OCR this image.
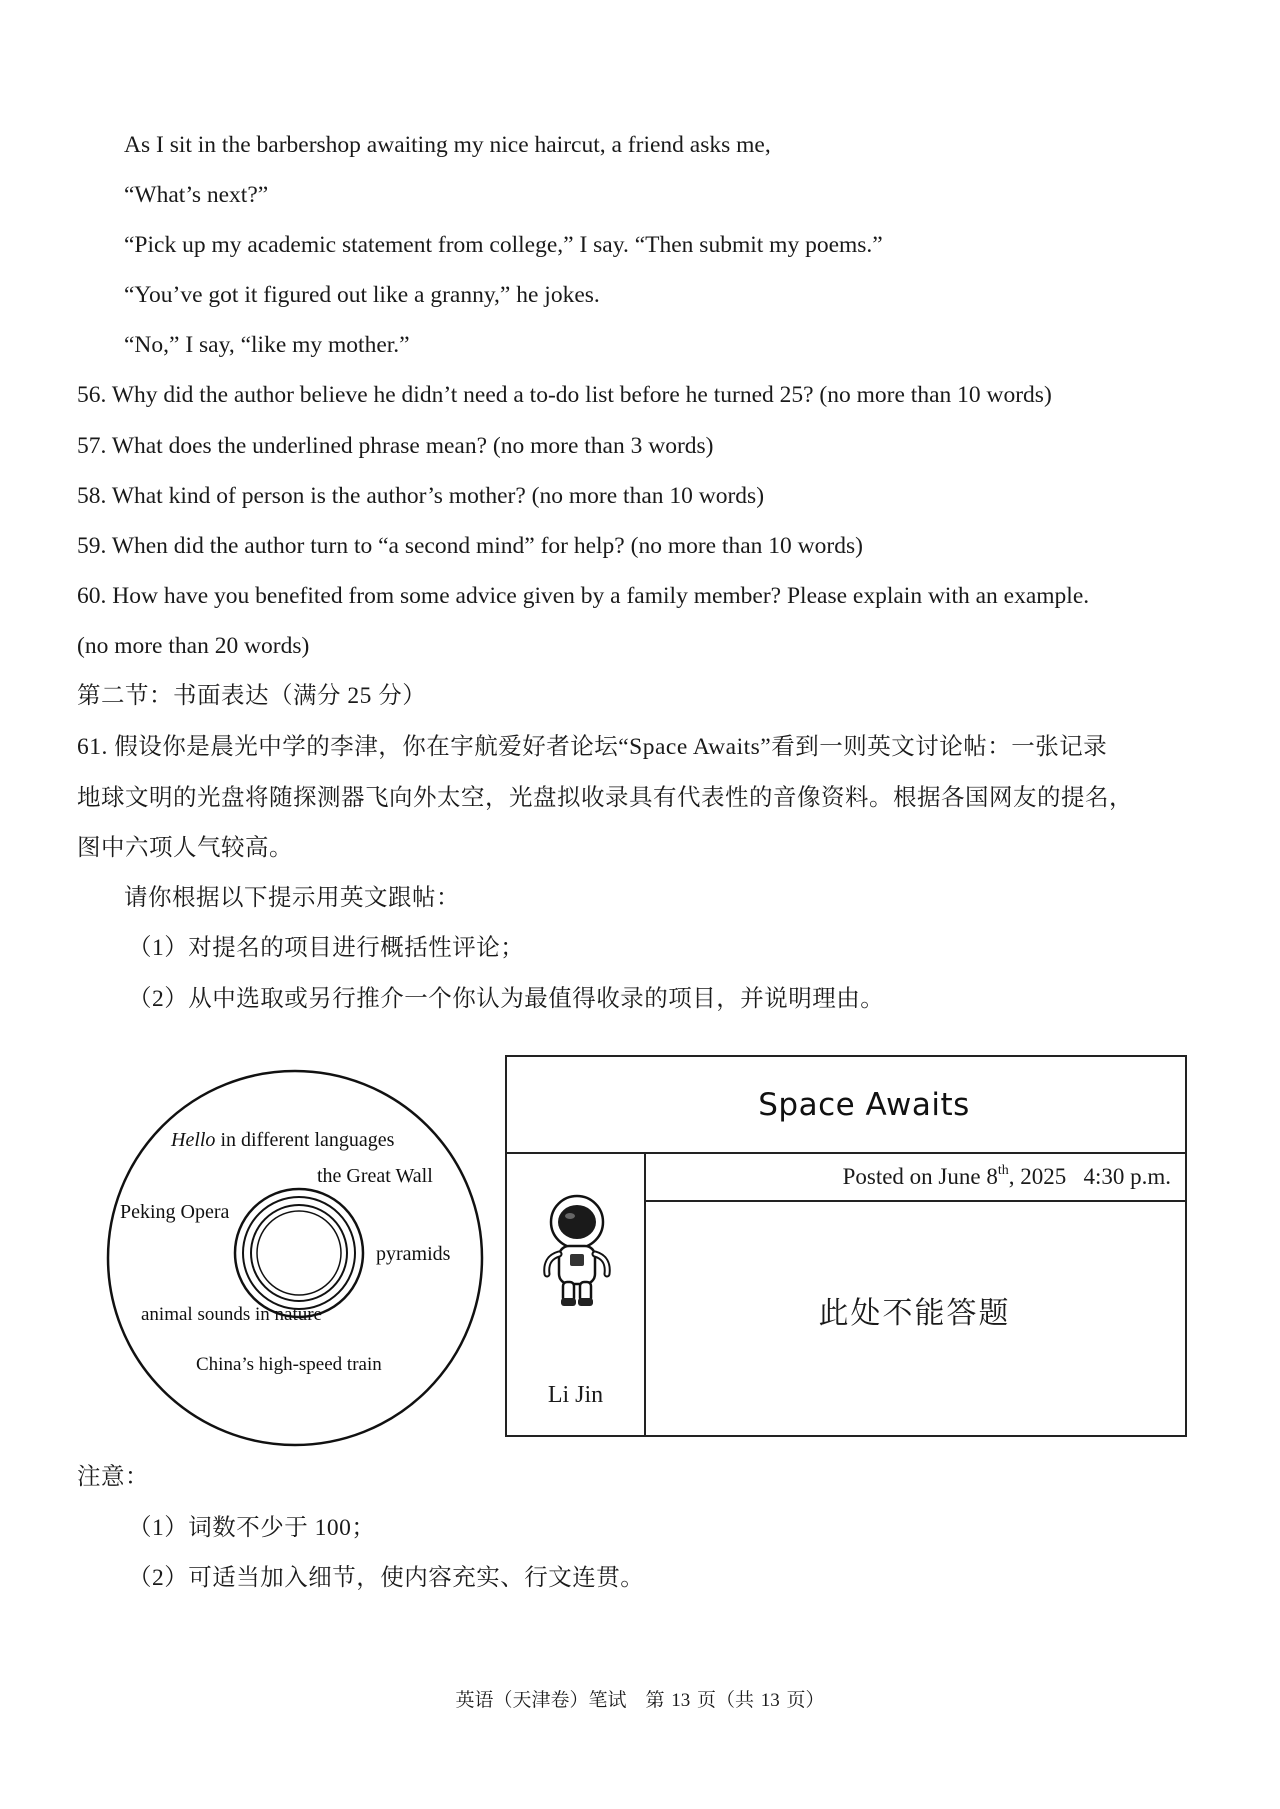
As I sit in the barbershop awaiting my nice haircut, a friend asks me,
“What’s next?”
“Pick up my academic statement from college,” I say. “Then submit my poems.”
“You’ve got it figured out like a granny,” he jokes.
“No,” I say, “like my mother.”
56. Why did the author believe he didn’t need a to-do list before he turned 25? (no more than 10 words)
57. What does the underlined phrase mean? (no more than 3 words)
58. What kind of person is the author’s mother? (no more than 10 words)
59. When did the author turn to “a second mind” for help? (no more than 10 words)
60. How have you benefited from some advice given by a family member? Please explain with an example.
(no more than 20 words)
第二节：书面表达（满分 25 分）
61. 假设你是晨光中学的李津，你在宇航爱好者论坛“Space Awaits”看到一则英文讨论帖：一张记录
地球文明的光盘将随探测器飞向外太空，光盘拟收录具有代表性的音像资料。根据各国网友的提名，
图中六项人气较高。
请你根据以下提示用英文跟帖：
（1）对提名的项目进行概括性评论；
（2）从中选取或另行推介一个你认为最值得收录的项目，并说明理由。
Hello in different languages
the Great Wall
Peking Opera
pyramids
animal sounds in nature
China’s high-speed train
Space Awaits
Li Jin
Posted on June 8th, 2025   4:30 p.m.
此处不能答题
注意：
（1）词数不少于 100；
（2）可适当加入细节，使内容充实、行文连贯。
英语（天津卷）笔试　第 13 页（共 13 页）
